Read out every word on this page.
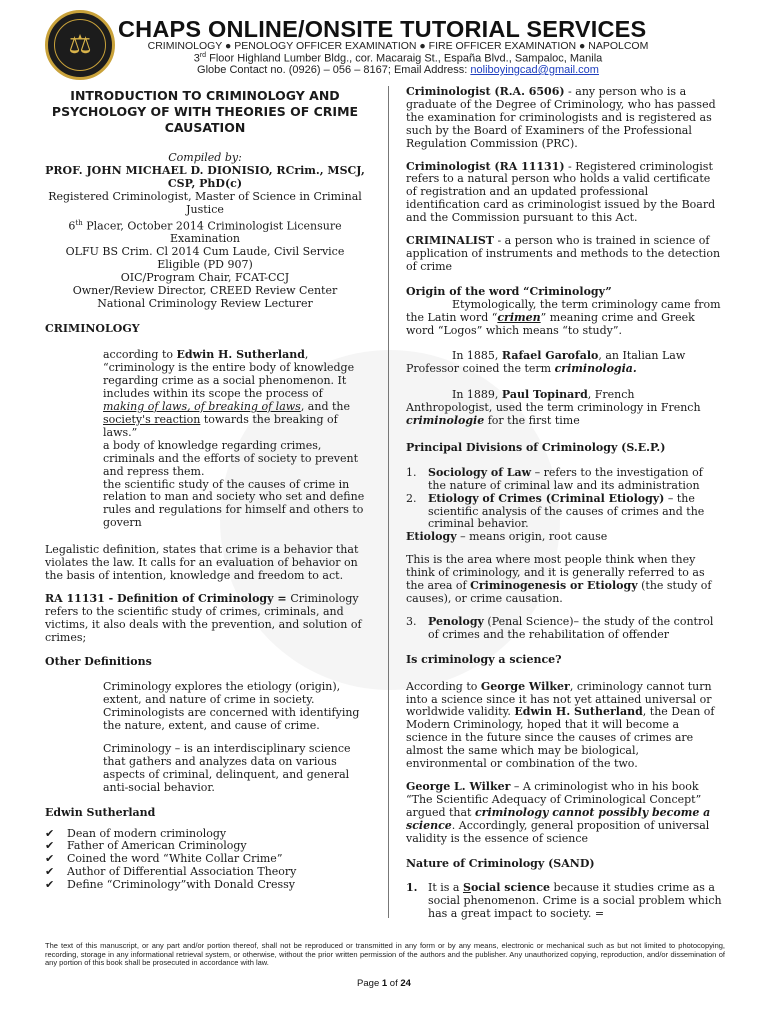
⚖
CHAPS ONLINE/ONSITE TUTORIAL SERVICES
CRIMINOLOGY ● PENOLOGY OFFICER EXAMINATION ● FIRE OFFICER EXAMINATION ● NAPOLCOM
3rd Floor Highland Lumber Bldg., cor. Macaraig St., España Blvd., Sampaloc, Manila
Globe Contact no. (0926) – 056 – 8167; Email Address: noliboyingcad@gmail.com
INTRODUCTION TO CRIMINOLOGY AND PSYCHOLOGY OF WITH THEORIES OF CRIME CAUSATION
Compiled by:
PROF. JOHN MICHAEL D. DIONISIO, RCrim., MSCJ, CSP, PhD(c)
Registered Criminologist, Master of Science in Criminal Justice
6th Placer, October 2014 Criminologist Licensure Examination
OLFU BS Crim. Cl 2014 Cum Laude, Civil Service Eligible (PD 907)
OIC/Program Chair, FCAT-CCJ
Owner/Review Director, CREED Review Center
National Criminology Review Lecturer
CRIMINOLOGY
according to Edwin H. Sutherland, “criminology is the entire body of knowledge regarding crime as a social phenomenon. It includes within its scope the process of making of laws, of breaking of laws, and the society's reaction towards the breaking of laws.”
a body of knowledge regarding crimes, criminals and the efforts of society to prevent and repress them.
the scientific study of the causes of crime in relation to man and society who set and define rules and regulations for himself and others to govern
Legalistic definition, states that crime is a behavior that violates the law. It calls for an evaluation of behavior on the basis of intention, knowledge and freedom to act.
RA 11131 - Definition of Criminology = Criminology refers to the scientific study of crimes, criminals, and victims, it also deals with the prevention, and solution of crimes;
Other Definitions
Criminology explores the etiology (origin), extent, and nature of crime in society. Criminologists are concerned with identifying the nature, extent, and cause of crime.
Criminology – is an interdisciplinary science that gathers and analyzes data on various aspects of criminal, delinquent, and general anti-social behavior.
Edwin Sutherland
✔ Dean of modern criminology
✔ Father of American Criminology
✔ Coined the word “White Collar Crime”
✔ Author of Differential Association Theory
✔ Define “Criminology”with Donald Cressy
Criminologist (R.A. 6506) - any person who is a graduate of the Degree of Criminology, who has passed the examination for criminologists and is registered as such by the Board of Examiners of the Professional Regulation Commission (PRC).
Criminologist (RA 11131) - Registered criminologist refers to a natural person who holds a valid certificate of registration and an updated professional identification card as criminologist issued by the Board and the Commission pursuant to this Act.
CRIMINALIST - a person who is trained in science of application of instruments and methods to the detection of crime
Origin of the word “Criminology”
Etymologically, the term criminology came from the Latin word “crimen” meaning crime and Greek word “Logos” which means “to study”.
In 1885, Rafael Garofalo, an Italian Law Professor coined the term criminologia.
In 1889, Paul Topinard, French Anthropologist, used the term criminology in French criminologie for the first time
Principal Divisions of Criminology (S.E.P.)
1. Sociology of Law – refers to the investigation of the nature of criminal law and its administration
2. Etiology of Crimes (Criminal Etiology) – the scientific analysis of the causes of crimes and the criminal behavior.
Etiology – means origin, root cause
This is the area where most people think when they think of criminology, and it is generally referred to as the area of Criminogenesis or Etiology (the study of causes), or crime causation.
3. Penology (Penal Science)– the study of the control of crimes and the rehabilitation of offender
Is criminology a science?
According to George Wilker, criminology cannot turn into a science since it has not yet attained universal or worldwide validity. Edwin H. Sutherland, the Dean of Modern Criminology, hoped that it will become a science in the future since the causes of crimes are almost the same which may be biological, environmental or combination of the two.
George L. Wilker – A criminologist who in his book “The Scientific Adequacy of Criminological Concept” argued that criminology cannot possibly become a science. Accordingly, general proposition of universal validity is the essence of science
Nature of Criminology (SAND)
1. It is a Social science because it studies crime as a social phenomenon. Crime is a social problem which has a great impact to society. =
The text of this manuscript, or any part and/or portion thereof, shall not be reproduced or transmitted in any form or by any means, electronic or mechanical such as but not limited to photocopying, recording, storage in any informational retrieval system, or otherwise, without the prior written permission of the authors and the publisher. Any unauthorized copying, reproduction, and/or dissemination of any portion of this book shall be prosecuted in accordance with law.
Page 1 of 24
